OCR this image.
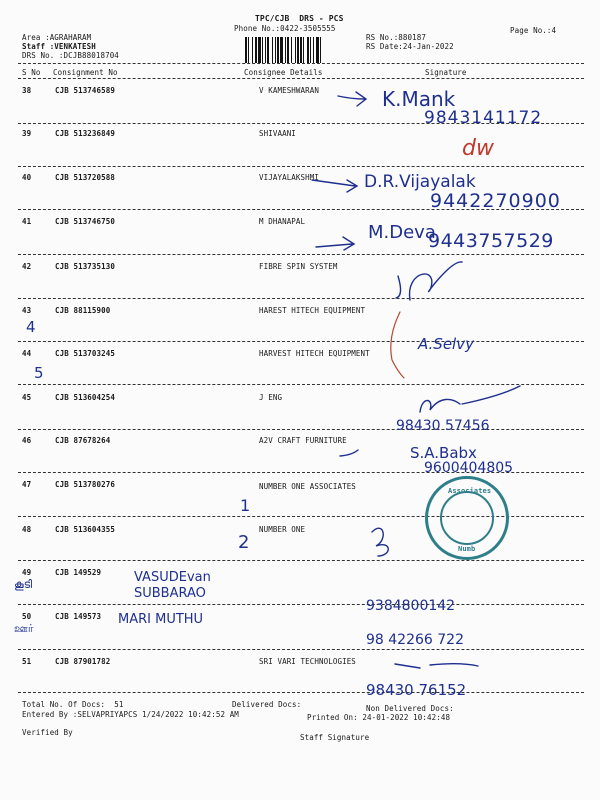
TPC/CJB  DRS - PCS
Phone No.:0422-3505555	Page No.:4
Area :AGRAHARAM
Staff :VENKATESH
DRS No. :DCJB88018704
RS No.:880187
RS Date:24-Jan-2022
S No Consignment No	Consignee Details	Signature
38	CJB 513746589	V KAMESHWARAN
39	CJB 513236849	SHIVAANI
40	CJB 513720588	VIJAYALAKSHMI
41	CJB 513746750	M DHANAPAL
42	CJB 513735130	FIBRE SPIN SYSTEM
43	CJB 88115900	HAREST HITECH EQUIPMENT
44	CJB 513703245	HARVEST HITECH EQUIPMENT
45	CJB 513604254	J ENG
46	CJB 87678264	A2V CRAFT FURNITURE
47	CJB 513780276	NUMBER ONE ASSOCIATES
48	CJB 513604355	NUMBER ONE
49	CJB 149529
50	CJB 149573
51	CJB 87901782	SRI VARI TECHNOLOGIES
Total No. Of Docs:  51	Delivered Docs:	Non Delivered Docs:
Entered By :SELVAPRIYAPCS 1/24/2022 10:42:52 AM	Printed On: 24-01-2022 10:42:48
Verified By
Staff Signature
K.Mank
9843141172
dw
D.R.Vijayalak
9442270900
M.Deva
9443757529
A.Selvy
4
5
98430 57456
S.A.Babx
9600404805
1
2
VASUDEvan
SUBBARAO
9384800142
MARI MUTHU
98 42266 722
98430 76152
കൂടി
ஊர்
Associates
Numb
